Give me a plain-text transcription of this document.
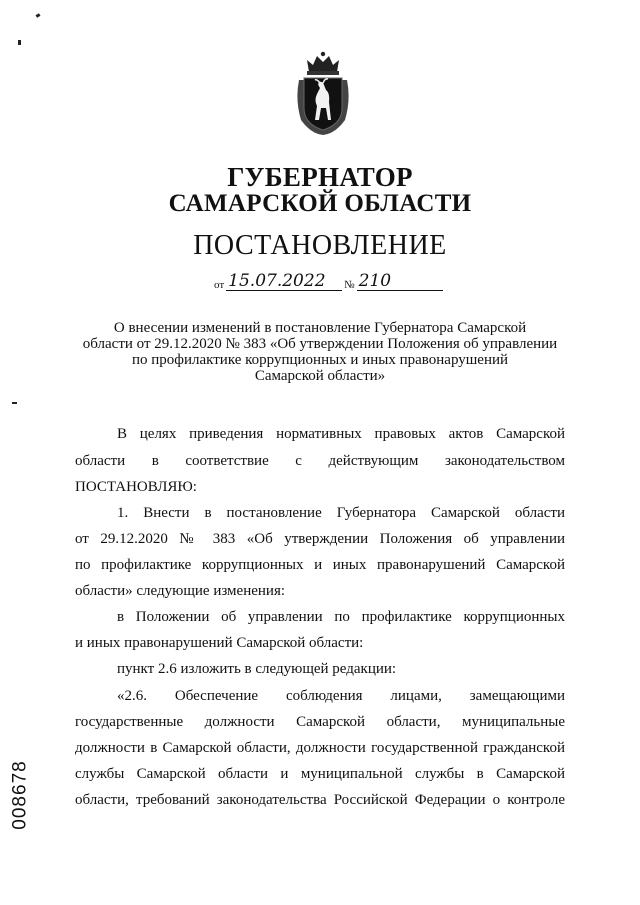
ГУБЕРНАТОР
САМАРСКОЙ ОБЛАСТИ
ПОСТАНОВЛЕНИЕ
от 15.07.2022	№ 210
О внесении изменений в постановление Губернатора Самарской
области от 29.12.2020 № 383 «Об утверждении Положения об управлении
по профилактике коррупционных и иных правонарушений
Самарской области»
В целях приведения нормативных правовых актов Самарской
области в соответствие с действующим законодательством
ПОСТАНОВЛЯЮ:
1. Внести в постановление Губернатора Самарской области
от 29.12.2020 № 383 «Об утверждении Положения об управлении
по профилактике коррупционных и иных правонарушений Самарской
области» следующие изменения:
в Положении об управлении по профилактике коррупционных
и иных правонарушений Самарской области:
пункт 2.6 изложить в следующей редакции:
«2.6. Обеспечение соблюдения лицами, замещающими
государственные должности Самарской области, муниципальные
должности в Самарской области, должности государственной гражданской
службы Самарской области и муниципальной службы в Самарской
области, требований законодательства Российской Федерации о контроле
008678
